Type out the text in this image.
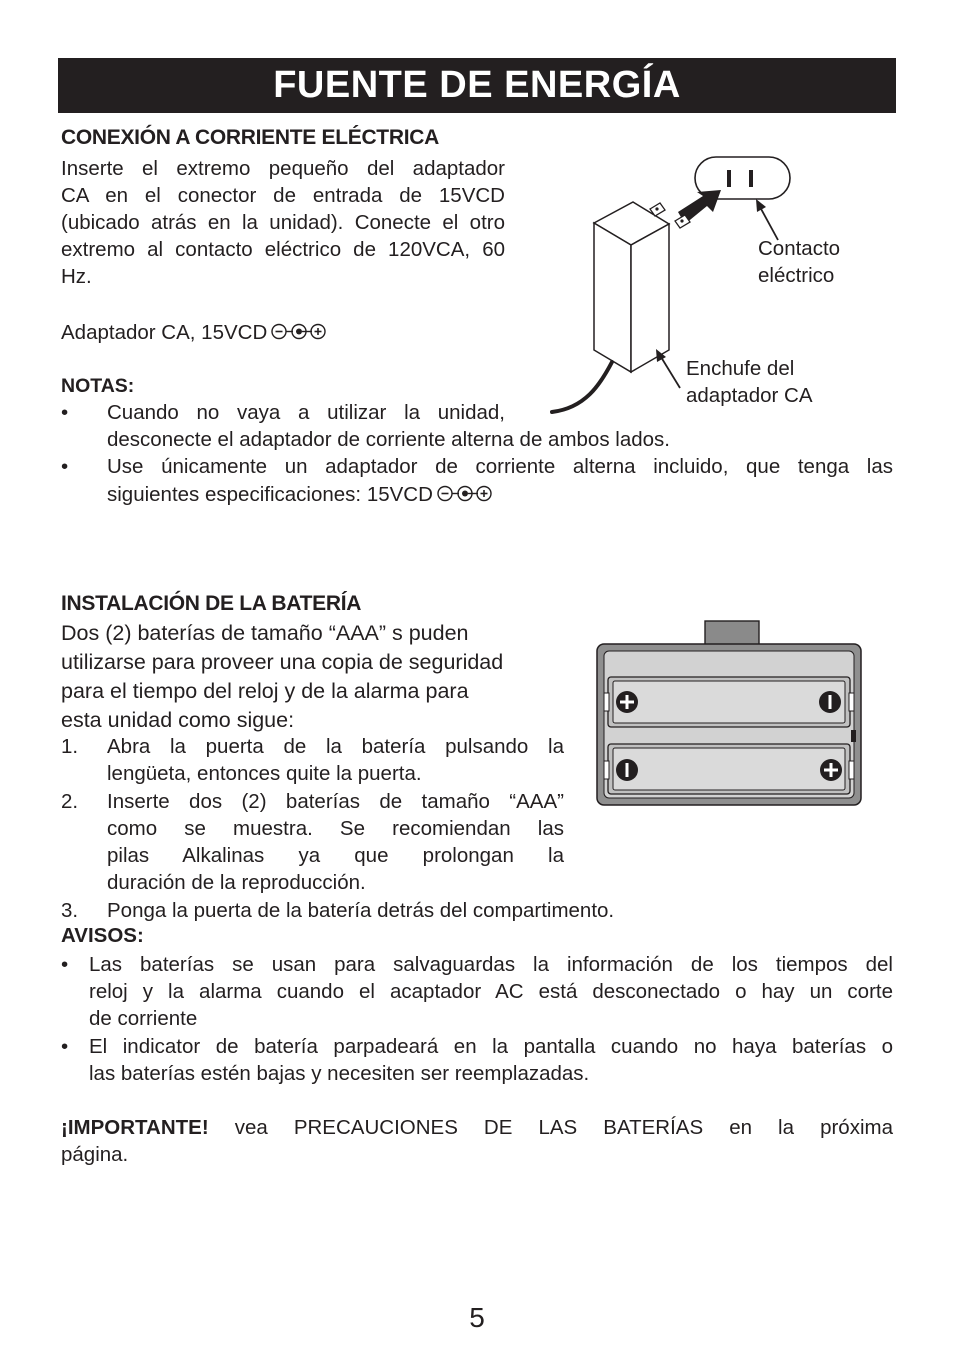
FUENTE DE ENERGÍA
CONEXIÓN A CORRIENTE ELÉCTRICA
Inserte el extremo pequeño del adaptador
CA en el conector de entrada de 15VCD
(ubicado atrás en la unidad). Conecte el otro
extremo al contacto eléctrico de 120VCA, 60
Hz.
Adaptador CA, 15VCD
NOTAS:
• Cuando no vaya a utilizar la unidad,
desconecte el adaptador de corriente alterna de ambos lados.
• Use únicamente un adaptador de corriente alterna incluido, que tenga las
siguientes especificaciones: 15VCD
Contacto
eléctrico
Enchufe del
adaptador CA
INSTALACIÓN DE LA BATERÍA
Dos (2) baterías de tamaño “AAA” s puden
utilizarse para proveer una copia de seguridad
para el tiempo del reloj y de la alarma para
esta unidad como sigue:
1. Abra la puerta de la batería pulsando la
lengüeta, entonces quite la puerta.
2. Inserte dos (2) baterías de tamaño “AAA”
como se muestra. Se recomiendan las
pilas Alkalinas ya que prolongan la
duración de la reproducción.
3. Ponga la puerta de la batería detrás del compartimento.
AVISOS:
• Las baterías se usan para salvaguardas la información de los tiempos del
reloj y la alarma cuando el acaptador AC está desconectado o hay un corte
de corriente
• El indicator de batería parpadeará en la pantalla cuando no haya baterías o
las baterías estén bajas y necesiten ser reemplazadas.
¡IMPORTANTE! vea PRECAUCIONES DE LAS BATERÍAS en la próxima
página.
5
